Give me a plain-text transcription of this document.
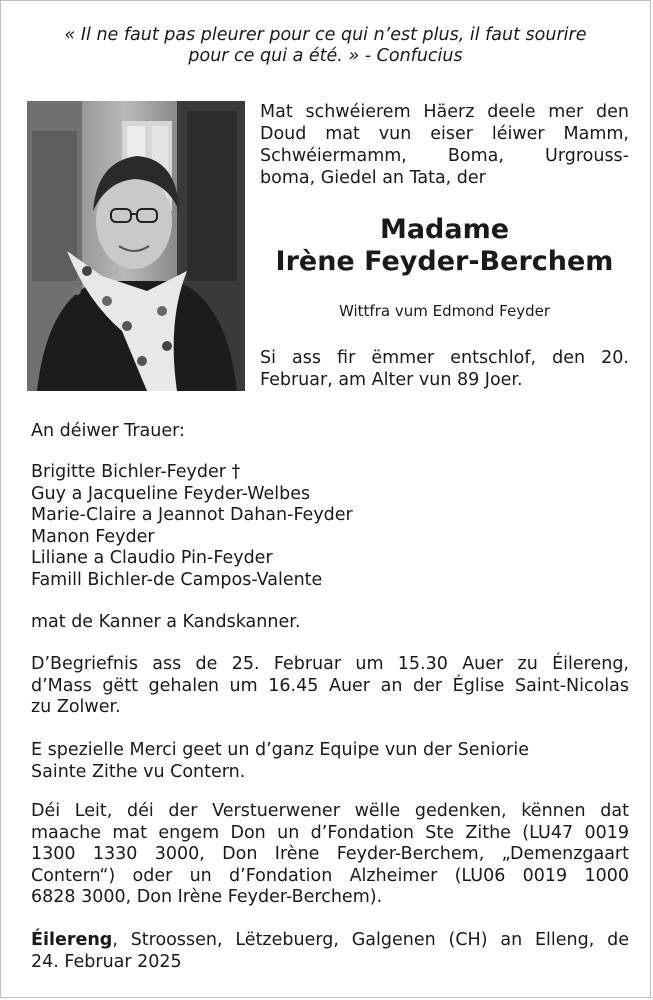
« Il ne faut pas pleurer pour ce qui n’est plus, il faut sourire
pour ce qui a été. » - Confucius
Mat schwéierem Häerz deele mer den
Doud mat vun eiser léiwer Mamm,
Schwéiermamm, Boma, Urgrouss-
boma, Giedel an Tata, der
Madame
Irène Feyder-Berchem
Wittfra vum Edmond Feyder
Si ass fir ëmmer entschlof, den 20.
Februar, am Alter vun 89 Joer.
An déiwer Trauer:
Brigitte Bichler-Feyder †
Guy a Jacqueline Feyder-Welbes
Marie-Claire a Jeannot Dahan-Feyder
Manon Feyder
Liliane a Claudio Pin-Feyder
Famill Bichler-de Campos-Valente
mat de Kanner a Kandskanner.
D’Begriefnis ass de 25. Februar um 15.30 Auer zu Éilereng,
d’Mass gëtt gehalen um 16.45 Auer an der Église Saint-Nicolas
zu Zolwer.
E spezielle Merci geet un d’ganz Equipe vun der Seniorie
Sainte Zithe vu Contern.
Déi Leit, déi der Verstuerwener wëlle gedenken, kënnen dat
maache mat engem Don un d’Fondation Ste Zithe (LU47 0019
1300 1330 3000, Don Irène Feyder-Berchem, „Demenzgaart
Contern“) oder un d’Fondation Alzheimer (LU06 0019 1000
6828 3000, Don Irène Feyder-Berchem).
Éilereng, Stroossen, Lëtzebuerg, Galgenen (CH) an Elleng, de
24. Februar 2025
